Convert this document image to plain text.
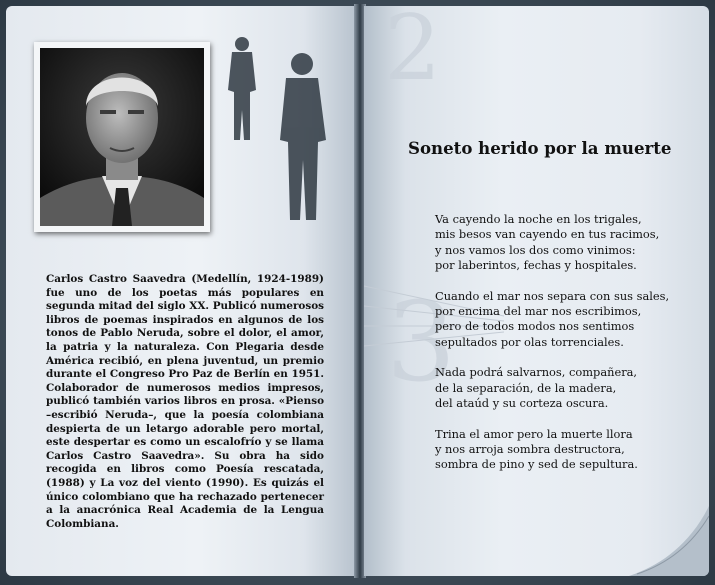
Carlos Castro Saavedra (Medellín, 1924-1989) fue uno de los poetas más populares en segunda mitad del siglo XX. Publicó numerosos libros de poemas inspirados en algunos de los tonos de Pablo Neruda, sobre el dolor, el amor, la patria y la naturaleza. Con Plegaria desde América recibió, en plena juventud, un premio durante el Congreso Pro Paz de Berlín en 1951. Colaborador de numerosos medios impresos, publicó también varios libros en prosa. «Pienso –escribió Neruda–, que la poesía colombiana despierta de un letargo adorable pero mortal, este despertar es como un escalofrío y se llama Carlos Castro Saavedra». Su obra ha sido recogida en libros como Poesía rescatada, (1988) y La voz del viento (1990). Es quizás el único colombiano que ha rechazado pertenecer a la anacrónica Real Academia de la Lengua Colombiana.
2
3
Soneto herido por la muerte
Va cayendo la noche en los trigales,
mis besos van cayendo en tus racimos,
y nos vamos los dos como vinimos:
por laberintos, fechas y hospitales.
Cuando el mar nos separa con sus sales,
por encima del mar nos escribimos,
pero de todos modos nos sentimos
sepultados por olas torrenciales.
Nada podrá salvarnos, compañera,
de la separación, de la madera,
del ataúd y su corteza oscura.
Trina el amor pero la muerte llora
y nos arroja sombra destructora,
sombra de pino y sed de sepultura.
